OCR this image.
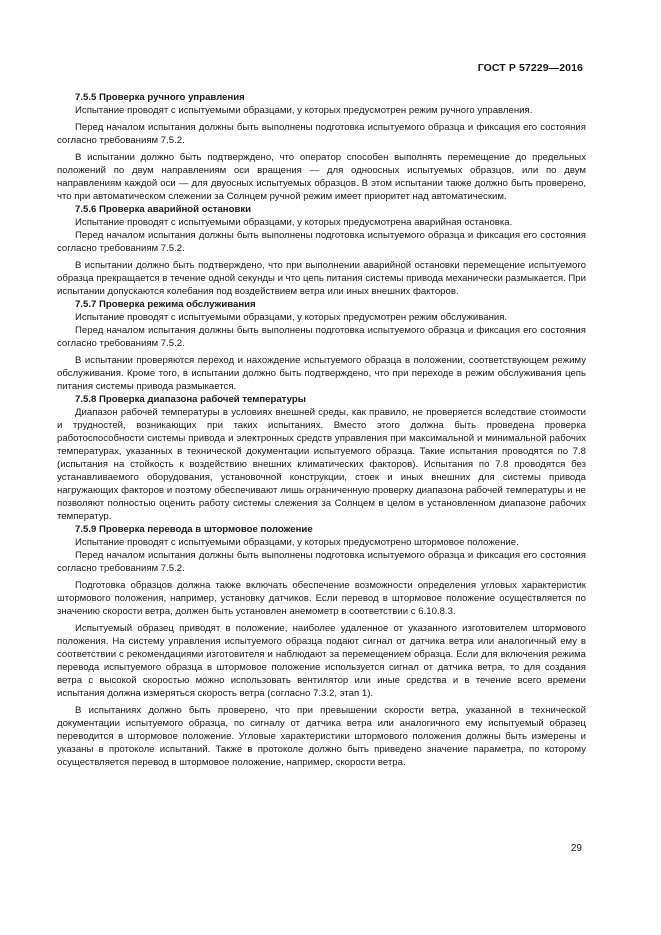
ГОСТ Р 57229—2016

7.5.5 Проверка ручного управления

Испытание проводят с испытуемыми образцами, у которых предусмотрен режим ручного управления.

Перед началом испытания должны быть выполнены подготовка испытуемого образца и фиксация его состояния согласно требованиям 7.5.2.

В испытании должно быть подтверждено, что оператор способен выполнять перемещение до предельных положений по двум направлениям оси вращения — для одноосных испытуемых образцов, или по двум направлениям каждой оси — для двуосных испытуемых образцов. В этом испытании также должно быть проверено, что при автоматическом слежении за Солнцем ручной режим имеет приоритет над автоматическим.

7.5.6 Проверка аварийной остановки

Испытание проводят с испытуемыми образцами, у которых предусмотрена аварийная остановка.

Перед началом испытания должны быть выполнены подготовка испытуемого образца и фиксация его состояния согласно требованиям 7.5.2.

В испытании должно быть подтверждено, что при выполнении аварийной остановки перемещение испытуемого образца прекращается в течение одной секунды и что цепь питания системы привода механически размыкается. При испытании допускаются колебания под воздействием ветра или иных внешних факторов.

7.5.7 Проверка режима обслуживания

Испытание проводят с испытуемыми образцами, у которых предусмотрен режим обслуживания.

Перед началом испытания должны быть выполнены подготовка испытуемого образца и фиксация его состояния согласно требованиям 7.5.2.

В испытании проверяются переход и нахождение испытуемого образца в положении, соответствующем режиму обслуживания. Кроме того, в испытании должно быть подтверждено, что при переходе в режим обслуживания цепь питания системы привода размыкается.

7.5.8 Проверка диапазона рабочей температуры

Диапазон рабочей температуры в условиях внешней среды, как правило, не проверяется вследствие стоимости и трудностей, возникающих при таких испытаниях. Вместо этого должна быть проведена проверка работоспособности системы привода и электронных средств управления при максимальной и минимальной рабочих температурах, указанных в технической документации испытуемого образца. Такие испытания проводятся по 7.8 (испытания на стойкость к воздействию внешних климатических факторов). Испытания по 7.8 проводятся без устанавливаемого оборудования, установочной конструкции, стоек и иных внешних для системы привода нагружающих факторов и поэтому обеспечивают лишь ограниченную проверку диапазона рабочей температуры и не позволяют полностью оценить работу системы слежения за Солнцем в целом в установленном диапазоне рабочих температур.

7.5.9 Проверка перевода в штормовое положение

Испытание проводят с испытуемыми образцами, у которых предусмотрено штормовое положение.

Перед началом испытания должны быть выполнены подготовка испытуемого образца и фиксация его состояния согласно требованиям 7.5.2.

Подготовка образцов должна также включать обеспечение возможности определения угловых характеристик штормового положения, например, установку датчиков. Если перевод в штормовое положение осуществляется по значению скорости ветра, должен быть установлен анемометр в соответствии с 6.10.8.3.

Испытуемый образец приводят в положение, наиболее удаленное от указанного изготовителем штормового положения. На систему управления испытуемого образца подают сигнал от датчика ветра или аналогичный ему в соответствии с рекомендациями изготовителя и наблюдают за перемещением образца. Если для включения режима перевода испытуемого образца в штормовое положение используется сигнал от датчика ветра, то для создания ветра с высокой скоростью можно использовать вентилятор или иные средства и в течение всего времени испытания должна измеряться скорость ветра (согласно 7.3.2, этап 1).

В испытаниях должно быть проверено, что при превышении скорости ветра, указанной в технической документации испытуемого образца, по сигналу от датчика ветра или аналогичного ему испытуемый образец переводится в штормовое положение. Угловые характеристики штормового положения должны быть измерены и указаны в протоколе испытаний. Также в протоколе должно быть приведено значение параметра, по которому осуществляется перевод в штормовое положение, например, скорости ветра.

29
